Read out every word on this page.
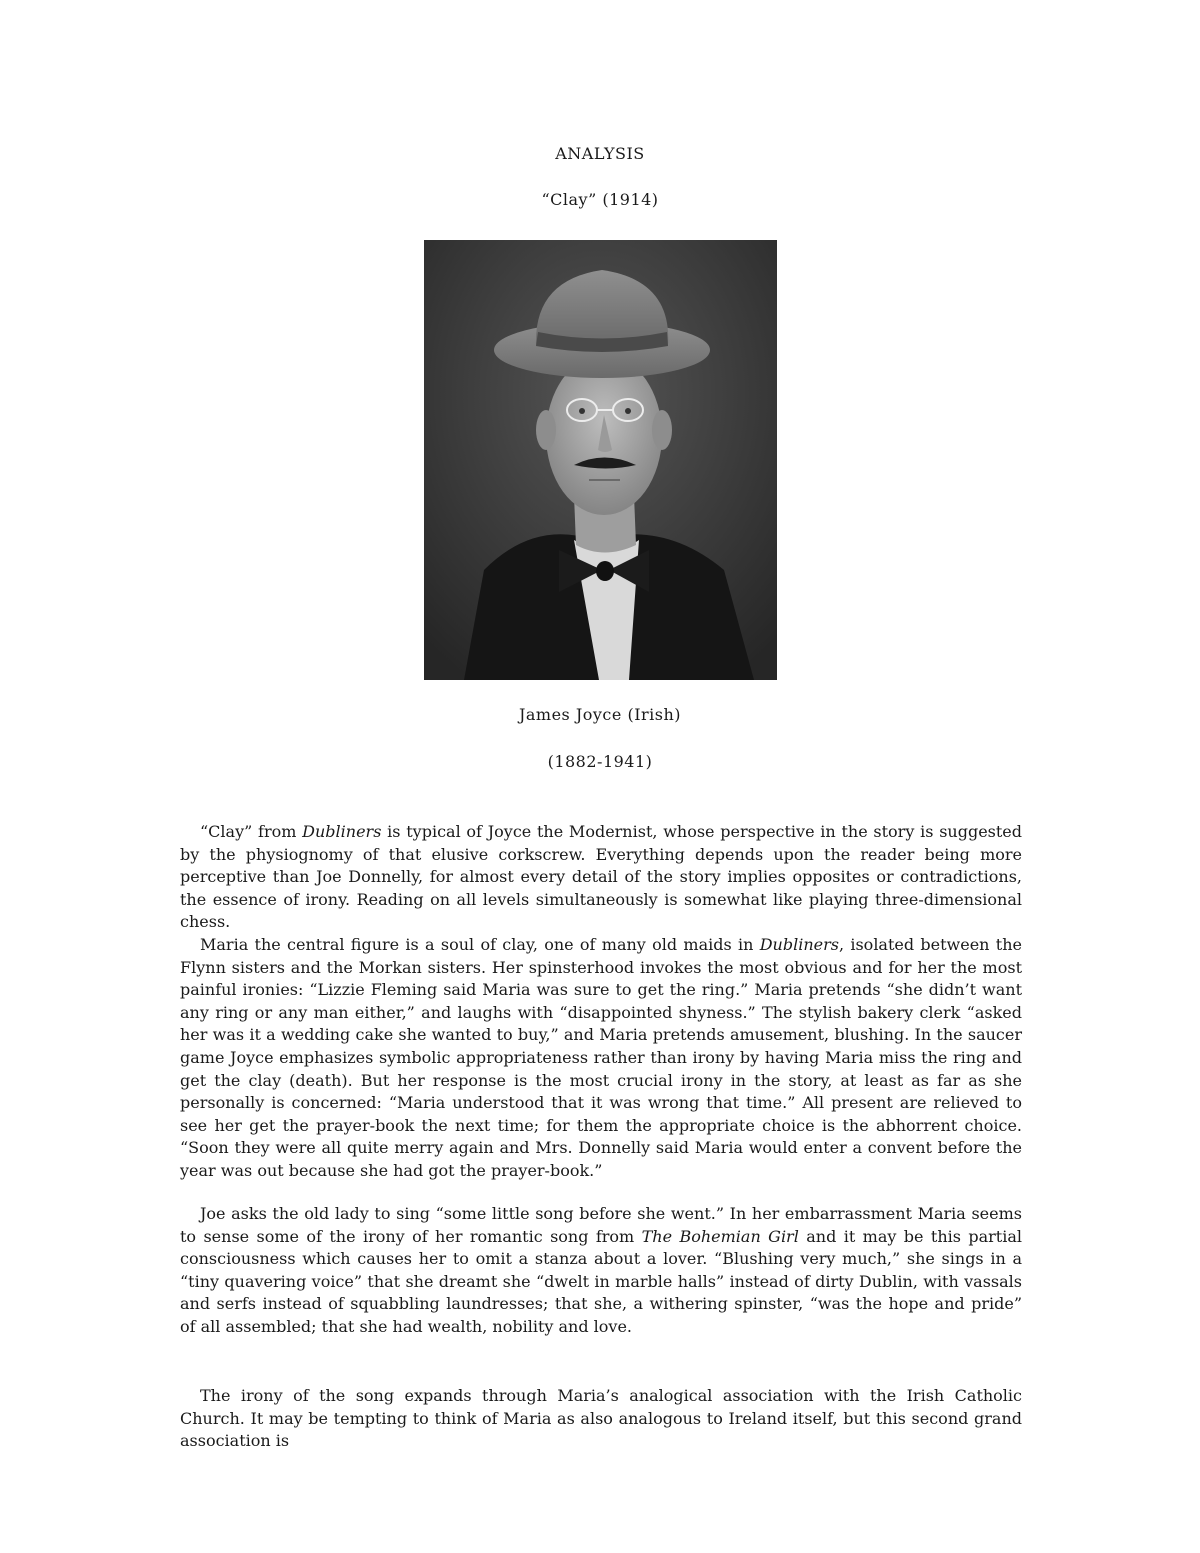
ANALYSIS
“Clay” (1914)
James Joyce (Irish)
(1882-1941)

“Clay” from Dubliners is typical of Joyce the Modernist, whose perspective in the story is suggested by the physiognomy of that elusive corkscrew. Everything depends upon the reader being more perceptive than Joe Donnelly, for almost every detail of the story implies opposites or contradictions, the essence of irony. Reading on all levels simultaneously is somewhat like playing three-dimensional chess.

Maria the central figure is a soul of clay, one of many old maids in Dubliners, isolated between the Flynn sisters and the Morkan sisters. Her spinsterhood invokes the most obvious and for her the most painful ironies: “Lizzie Fleming said Maria was sure to get the ring.” Maria pretends “she didn’t want any ring or any man either,” and laughs with “disappointed shyness.” The stylish bakery clerk “asked her was it a wedding cake she wanted to buy,” and Maria pretends amusement, blushing. In the saucer game Joyce emphasizes symbolic appropriateness rather than irony by having Maria miss the ring and get the clay (death). But her response is the most crucial irony in the story, at least as far as she personally is concerned: “Maria understood that it was wrong that time.” All present are relieved to see her get the prayer-book the next time; for them the appropriate choice is the abhorrent choice. “Soon they were all quite merry again and Mrs. Donnelly said Maria would enter a convent before the year was out because she had got the prayer-book.”

Joe asks the old lady to sing “some little song before she went.” In her embarrassment Maria seems to sense some of the irony of her romantic song from The Bohemian Girl and it may be this partial consciousness which causes her to omit a stanza about a lover. “Blushing very much,” she sings in a “tiny quavering voice” that she dreamt she “dwelt in marble halls” instead of dirty Dublin, with vassals and serfs instead of squabbling laundresses; that she, a withering spinster, “was the hope and pride” of all assembled; that she had wealth, nobility and love.

The irony of the song expands through Maria’s analogical association with the Irish Catholic Church. It may be tempting to think of Maria as also analogous to Ireland itself, but this second grand association is
